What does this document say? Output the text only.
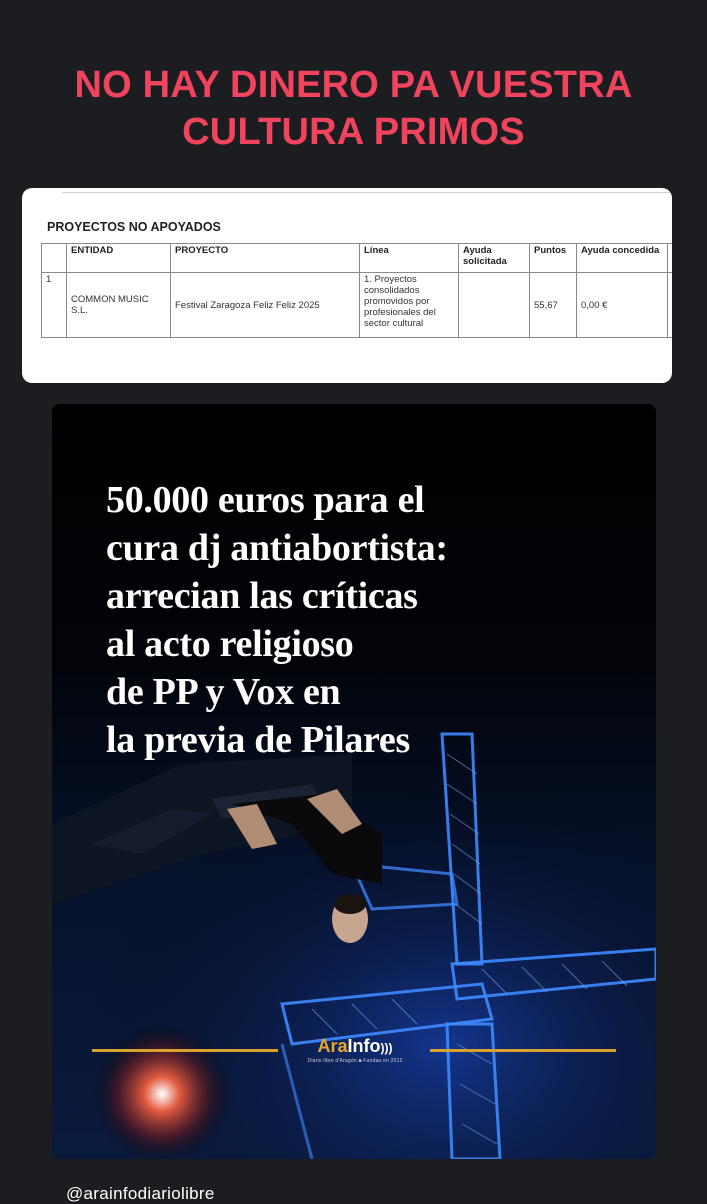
NO HAY DINERO PA VUESTRA
CULTURA PRIMOS
PROYECTOS NO APOYADOS
	ENTIDAD	PROYECTO	Línea	Ayuda solicitada	Puntos	Ayuda concedida	
1	COMMON MUSIC S.L.	Festival Zaragoza Feliz Feliz 2025	1. Proyectos consolidados promovidos por profesionales del sector cultural		55,67	0,00 €	
50.000 euros para el
cura dj antiabortista:
arrecian las críticas
al acto religioso
de PP y Vox en
la previa de Pilares
AraInfo)))
Diario libre d'Aragón ■ Fundau en 2012
@arainfodiariolibre
